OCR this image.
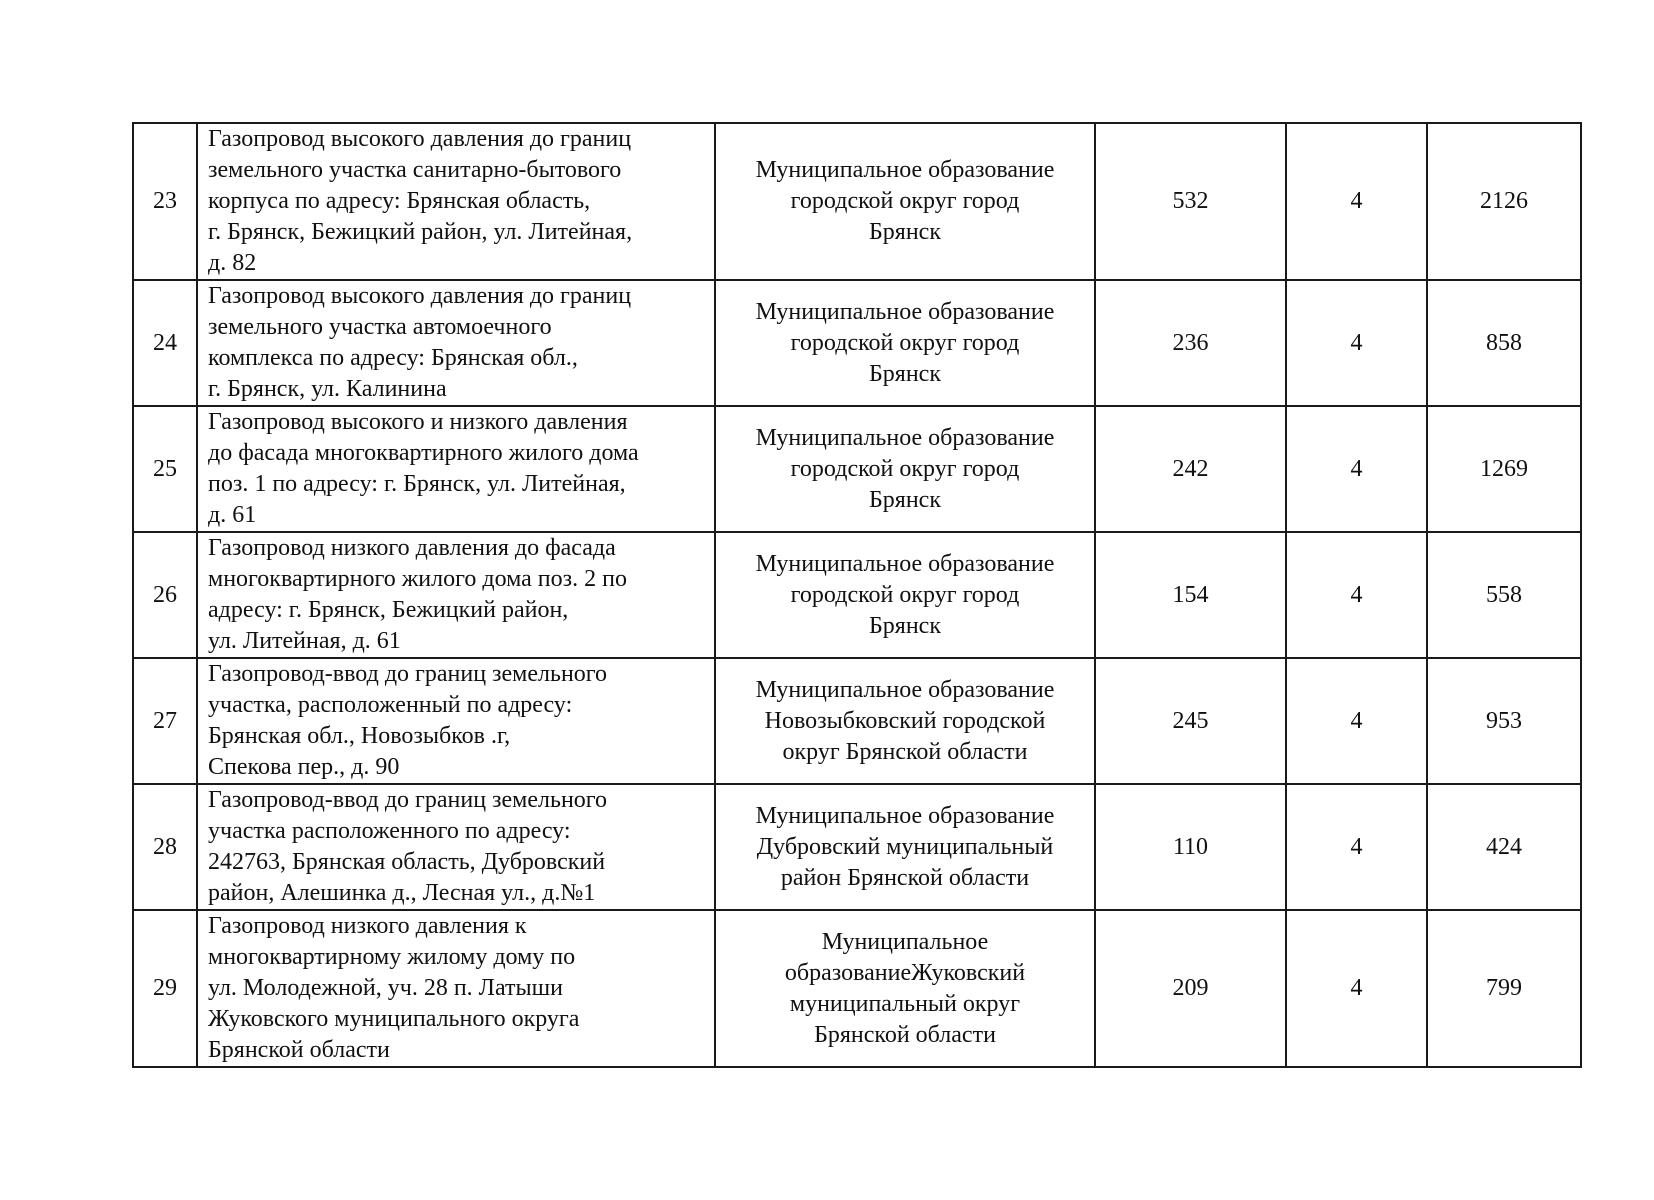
23	Газопровод высокого давления до границ
земельного участка санитарно-бытового
корпуса по адресу: Брянская область,
г. Брянск, Бежицкий район, ул. Литейная,
д. 82	Муниципальное образование
городской округ город
Брянск	532	4	2126
24	Газопровод высокого давления до границ
земельного участка автомоечного
комплекса по адресу: Брянская обл.,
г. Брянск, ул. Калинина	Муниципальное образование
городской округ город
Брянск	236	4	858
25	Газопровод высокого и низкого давления
до фасада многоквартирного жилого дома
поз. 1 по адресу: г. Брянск, ул. Литейная,
д. 61	Муниципальное образование
городской округ город
Брянск	242	4	1269
26	Газопровод низкого давления до фасада
многоквартирного жилого дома поз. 2 по
адресу: г. Брянск, Бежицкий район,
ул. Литейная, д. 61	Муниципальное образование
городской округ город
Брянск	154	4	558
27	Газопровод-ввод до границ земельного
участка, расположенный по адресу:
Брянская обл., Новозыбков .г,
Спекова пер., д. 90	Муниципальное образование
Новозыбковский городской
округ Брянской области	245	4	953
28	Газопровод-ввод до границ земельного
участка расположенного по адресу:
242763, Брянская область, Дубровский
район, Алешинка д., Лесная ул., д.№1	Муниципальное образование
Дубровский муниципальный
район Брянской области	110	4	424
29	Газопровод низкого давления к
многоквартирному жилому дому по
ул. Молодежной, уч. 28 п. Латыши
Жуковского муниципального округа
Брянской области	Муниципальное
образованиеЖуковский
муниципальный округ
Брянской области	209	4	799
